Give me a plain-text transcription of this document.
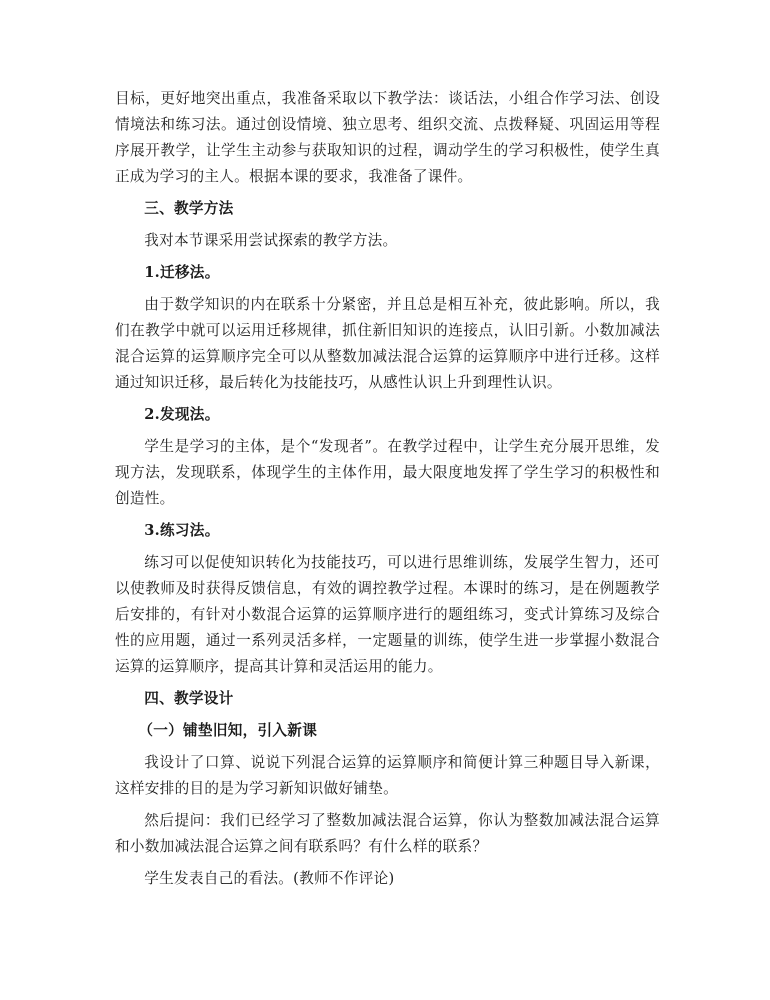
目标，更好地突出重点，我准备采取以下教学法：谈话法，小组合作学习法、创设情境法和练习法。通过创设情境、独立思考、组织交流、点拨释疑、巩固运用等程序展开教学，让学生主动参与获取知识的过程，调动学生的学习积极性，使学生真正成为学习的主人。根据本课的要求，我准备了课件。

三、教学方法

我对本节课采用尝试探索的教学方法。

1.迁移法。

由于数学知识的内在联系十分紧密，并且总是相互补充，彼此影响。所以，我们在教学中就可以运用迁移规律，抓住新旧知识的连接点，认旧引新。小数加减法混合运算的运算顺序完全可以从整数加减法混合运算的运算顺序中进行迁移。这样通过知识迁移，最后转化为技能技巧，从感性认识上升到理性认识。

2.发现法。

学生是学习的主体，是个“发现者”。在教学过程中，让学生充分展开思维，发现方法，发现联系，体现学生的主体作用，最大限度地发挥了学生学习的积极性和创造性。

3.练习法。

练习可以促使知识转化为技能技巧，可以进行思维训练，发展学生智力，还可以使教师及时获得反馈信息，有效的调控教学过程。本课时的练习，是在例题教学后安排的，有针对小数混合运算的运算顺序进行的题组练习，变式计算练习及综合性的应用题，通过一系列灵活多样，一定题量的训练，使学生进一步掌握小数混合运算的运算顺序，提高其计算和灵活运用的能力。

四、教学设计

（一）铺垫旧知，引入新课

我设计了口算、说说下列混合运算的运算顺序和简便计算三种题目导入新课，这样安排的目的是为学习新知识做好铺垫。

然后提问：我们已经学习了整数加减法混合运算，你认为整数加减法混合运算和小数加减法混合运算之间有联系吗？有什么样的联系？

学生发表自己的看法。(教师不作评论)
